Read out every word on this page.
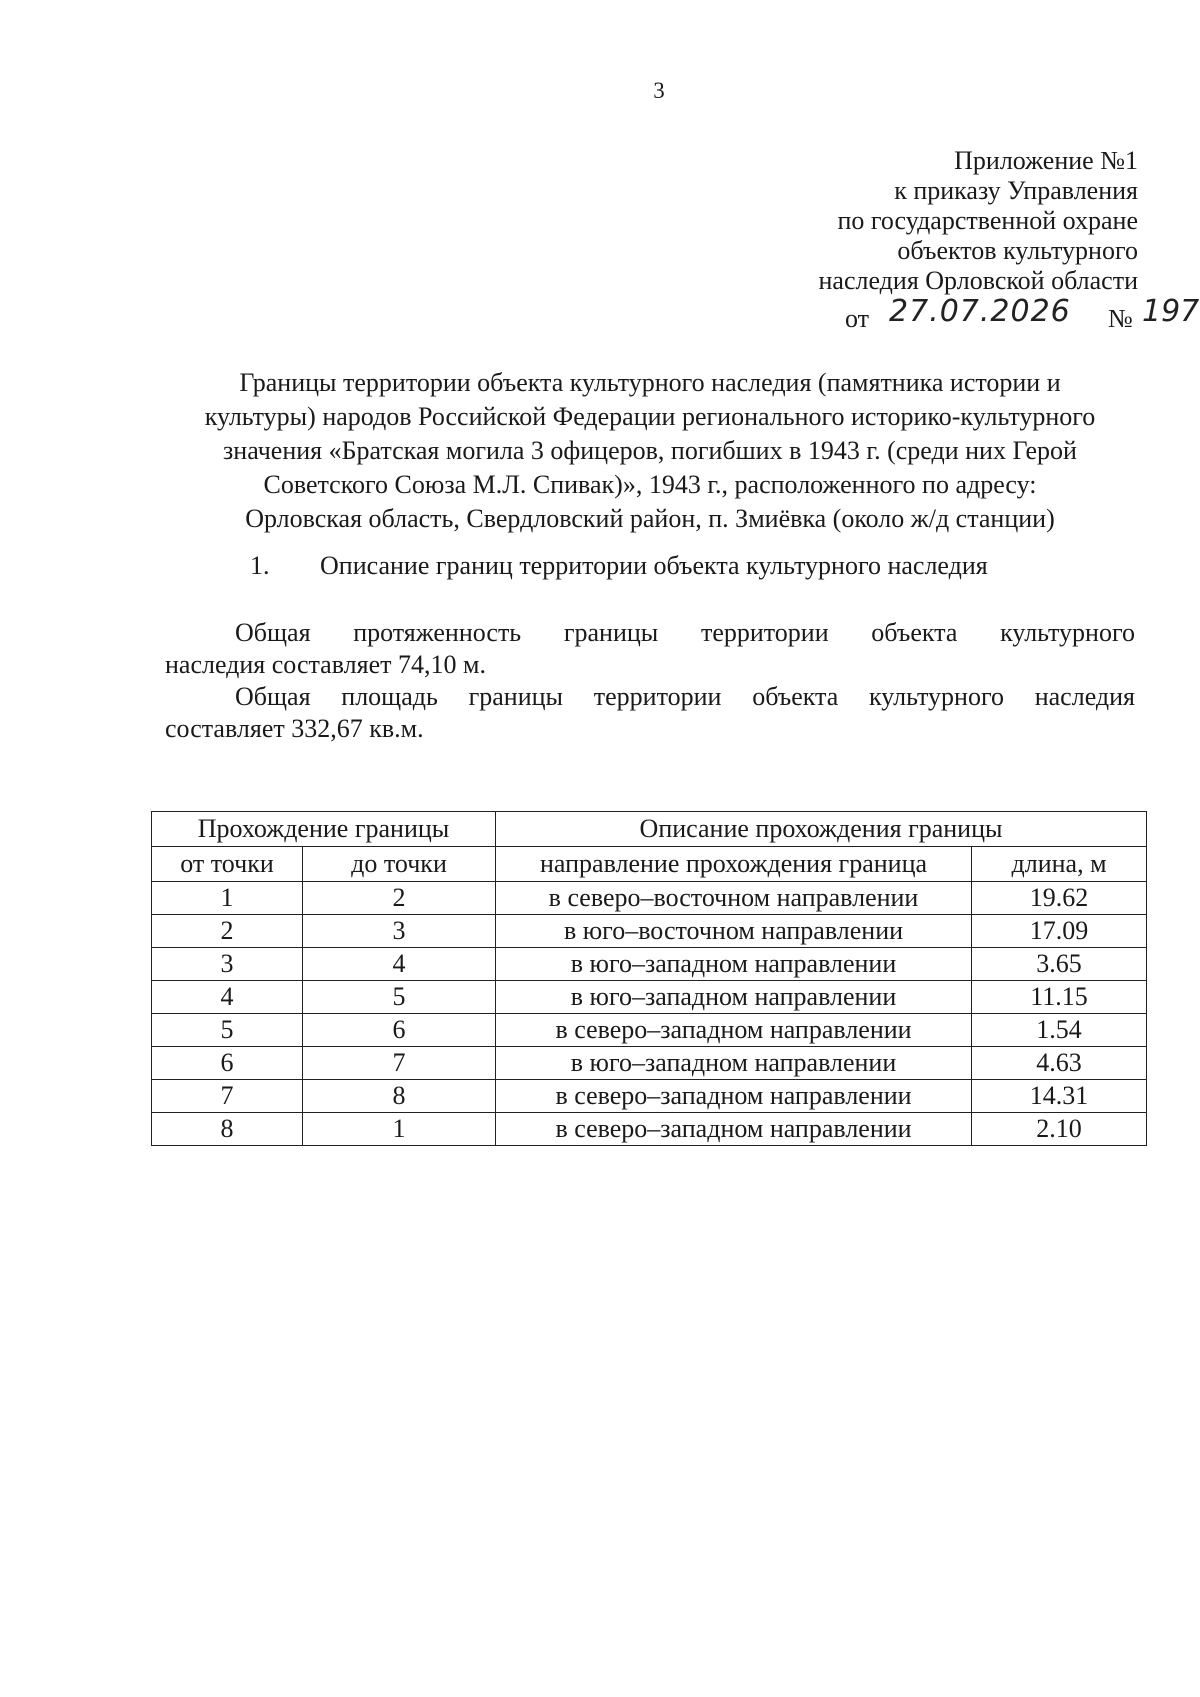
3
Приложение №1
к приказу Управления
по государственной охране
объектов культурного
наследия Орловской области
от 27.07.2026 № 197
Границы территории объекта культурного наследия (памятника истории и
культуры) народов Российской Федерации регионального историко-культурного
значения «Братская могила 3 офицеров, погибших в 1943 г. (среди них Герой
Советского Союза М.Л. Спивак)», 1943 г., расположенного по адресу:
Орловская область, Свердловский район, п. Змиёвка (около ж/д станции)
1. Описание границ территории объекта культурного наследия
Общая протяженность границы территории объекта культурного
наследия составляет 74,10 м.
Общая площадь границы территории объекта культурного наследия
составляет 332,67 кв.м.
Прохождение границы		Описание прохождения границы	
от точки	до точки	направление прохождения граница	длина, м
1	2	в северо–восточном направлении	19.62
2	3	в юго–восточном направлении	17.09
3	4	в юго–западном направлении	3.65
4	5	в юго–западном направлении	11.15
5	6	в северо–западном направлении	1.54
6	7	в юго–западном направлении	4.63
7	8	в северо–западном направлении	14.31
8	1	в северо–западном направлении	2.10
